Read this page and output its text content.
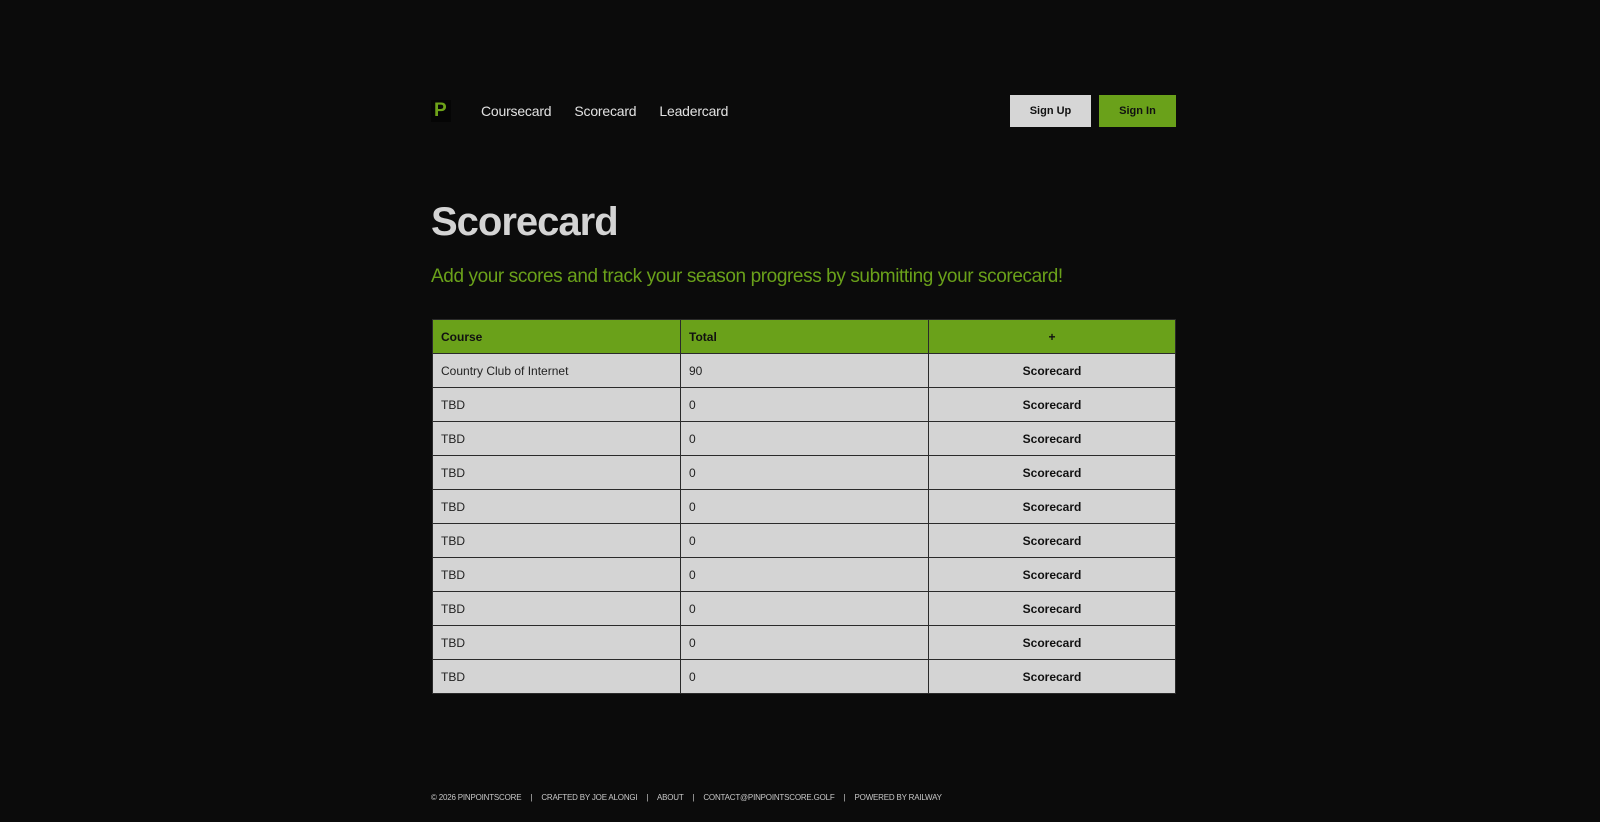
P	Coursecard Scorecard Leadercard	Sign Up	Sign In
Scorecard

Add your scores and track your season progress by submitting your scorecard!

Course	Total	+
Country Club of Internet	90	Scorecard
TBD	0	Scorecard
TBD	0	Scorecard
TBD	0	Scorecard
TBD	0	Scorecard
TBD	0	Scorecard
TBD	0	Scorecard
TBD	0	Scorecard
TBD	0	Scorecard
TBD	0	Scorecard
© 2026 PINPOINTSCORE | CRAFTED BY JOE ALONGI | ABOUT | CONTACT@PINPOINTSCORE.GOLF | POWERED BY RAILWAY
